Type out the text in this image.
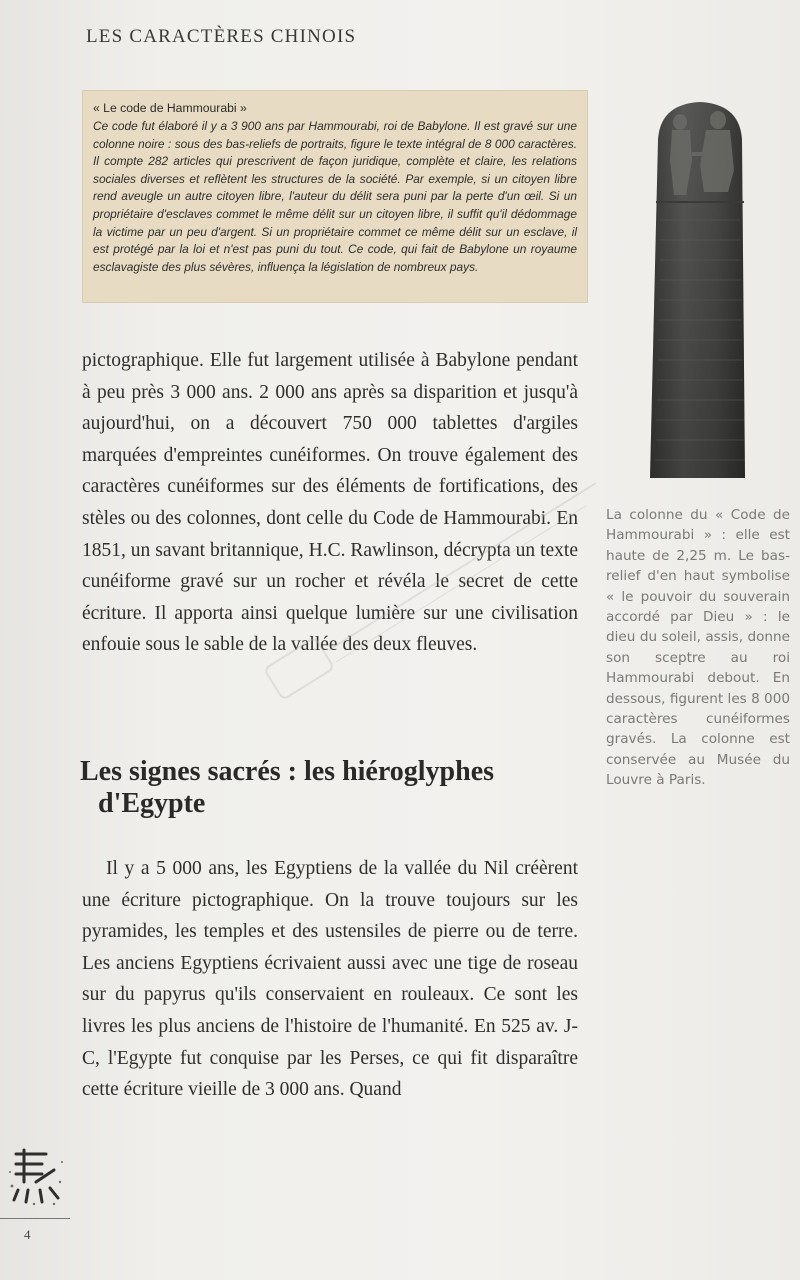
LES CARACTÈRES CHINOIS

« Le code de Hammourabi »

Ce code fut élaboré il y a 3 900 ans par Hammourabi, roi de Babylone. Il est gravé sur une colonne noire : sous des bas-reliefs de portraits, figure le texte intégral de 8 000 caractères. Il compte 282 articles qui prescrivent de façon juridique, complète et claire, les relations sociales diverses et reflètent les structures de la société. Par exemple, si un citoyen libre rend aveugle un autre citoyen libre, l'auteur du délit sera puni par la perte d'un œil. Si un propriétaire d'esclaves commet le même délit sur un citoyen libre, il suffit qu'il dédommage la victime par un peu d'argent. Si un propriétaire commet ce même délit sur un esclave, il est protégé par la loi et n'est pas puni du tout. Ce code, qui fait de Babylone un royaume esclavagiste des plus sévères, influença la législation de nombreux pays.

La colonne du « Code de Hammourabi » : elle est haute de 2,25 m. Le bas-relief d'en haut symbolise « le pouvoir du souverain accordé par Dieu » : le dieu du soleil, assis, donne son sceptre au roi Hammourabi debout. En dessous, figurent les 8 000 caractères cunéiformes gravés. La colonne est conservée au Musée du Louvre à Paris.

pictographique. Elle fut largement utilisée à Babylone pendant à peu près 3 000 ans. 2 000 ans après sa disparition et jusqu'à aujourd'hui, on a découvert 750 000 tablettes d'argiles marquées d'empreintes cunéiformes. On trouve également des caractères cunéiformes sur des éléments de fortifications, des stèles ou des colonnes, dont celle du Code de Hammourabi. En 1851, un savant britannique, H.C. Rawlinson, décrypta un texte cunéiforme gravé sur un rocher et révéla le secret de cette écriture. Il apporta ainsi quelque lumière sur une civilisation enfouie sous le sable de la vallée des deux fleuves.

Les signes sacrés : les hiéroglyphes
d'Egypte

Il y a 5 000 ans, les Egyptiens de la vallée du Nil créèrent une écriture pictographique. On la trouve toujours sur les pyramides, les temples et des ustensiles de pierre ou de terre. Les anciens Egyptiens écrivaient aussi avec une tige de roseau sur du papyrus qu'ils conservaient en rouleaux. Ce sont les livres les plus anciens de l'histoire de l'humanité. En 525 av. J-C, l'Egypte fut conquise par les Perses, ce qui fit disparaître cette écriture vieille de 3 000 ans. Quand

4
